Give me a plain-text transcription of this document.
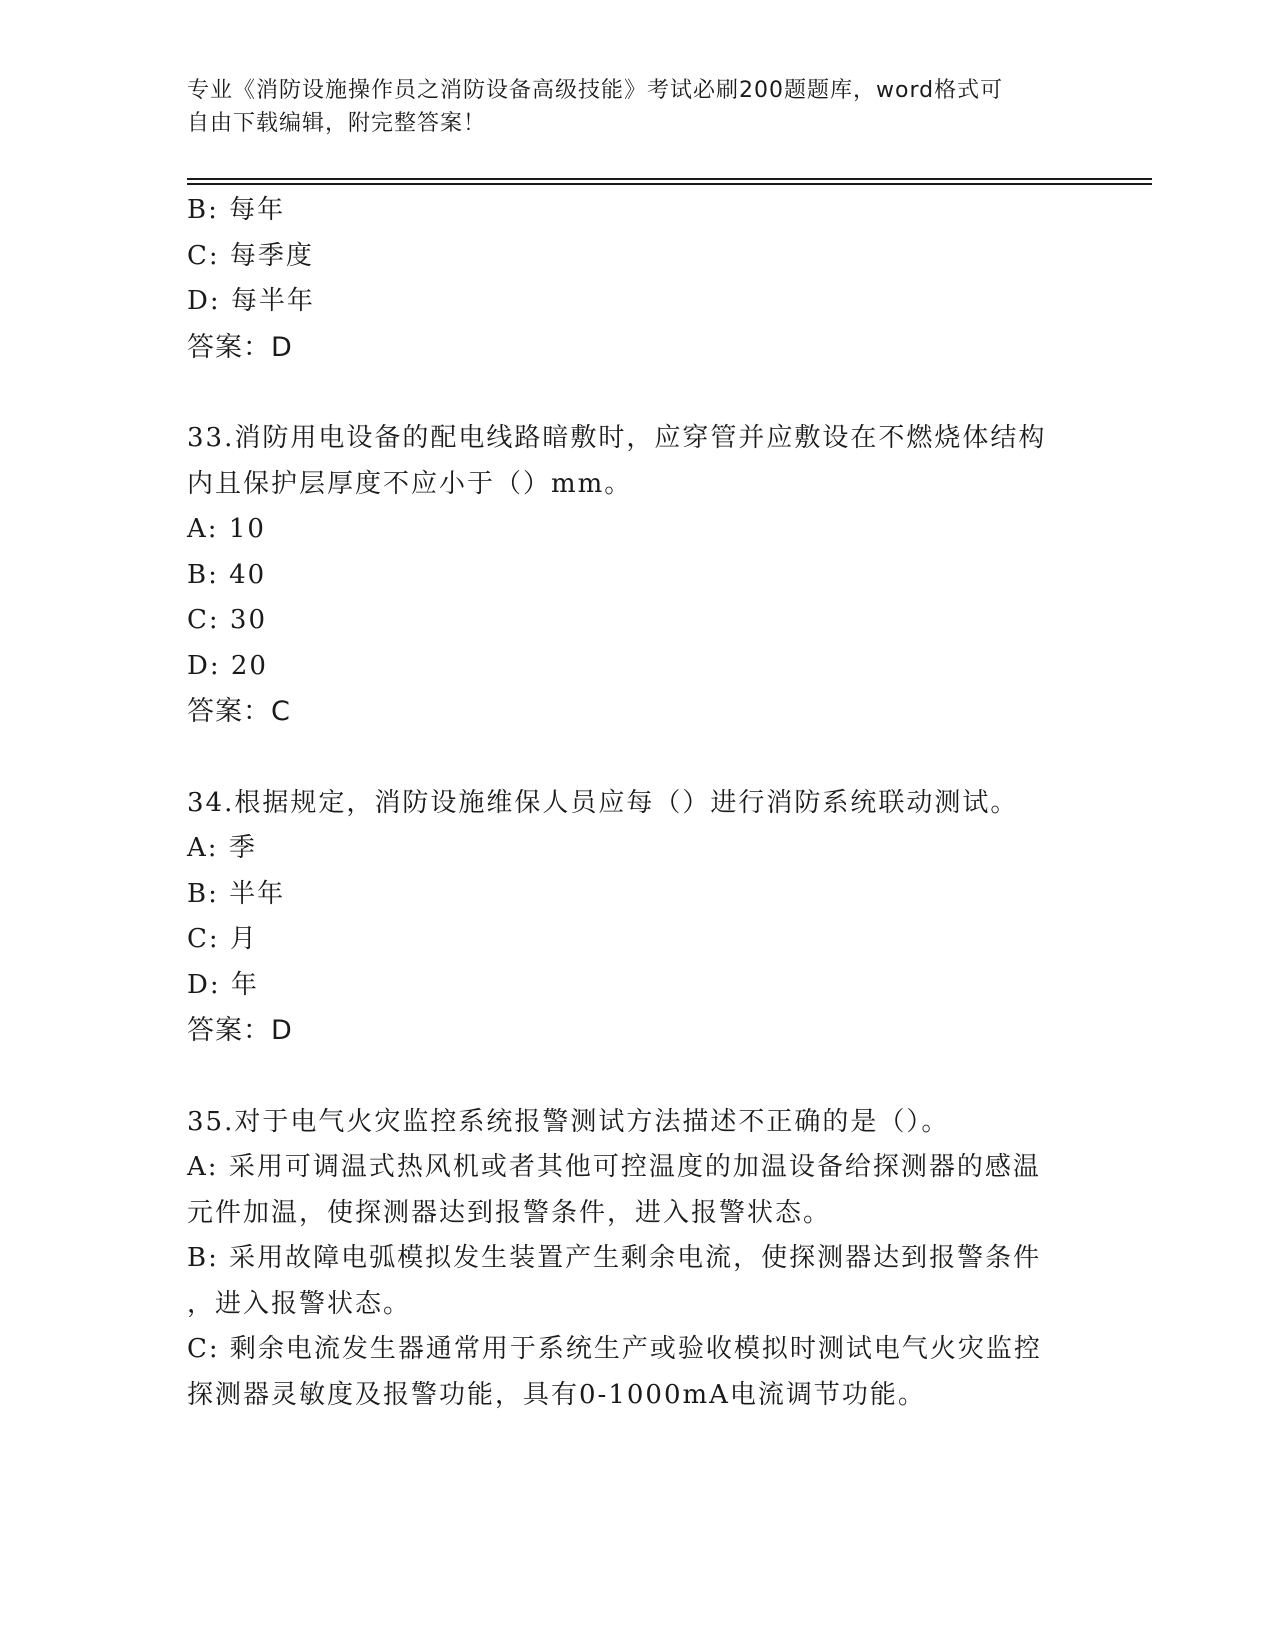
专业《消防设施操作员之消防设备高级技能》考试必刷200题题库，word格式可
自由下载编辑，附完整答案！
B: 每年
C: 每季度
D: 每半年
答案：D
33.消防用电设备的配电线路暗敷时，应穿管并应敷设在不燃烧体结构
内且保护层厚度不应小于（）mm。
A: 10
B: 40
C: 30
D: 20
答案：C
34.根据规定，消防设施维保人员应每（）进行消防系统联动测试。
A: 季
B: 半年
C: 月
D: 年
答案：D
35.对于电气火灾监控系统报警测试方法描述不正确的是（）。
A: 采用可调温式热风机或者其他可控温度的加温设备给探测器的感温
元件加温，使探测器达到报警条件，进入报警状态。
B: 采用故障电弧模拟发生装置产生剩余电流，使探测器达到报警条件
，进入报警状态。
C: 剩余电流发生器通常用于系统生产或验收模拟时测试电气火灾监控
探测器灵敏度及报警功能，具有0-1000mA电流调节功能。
